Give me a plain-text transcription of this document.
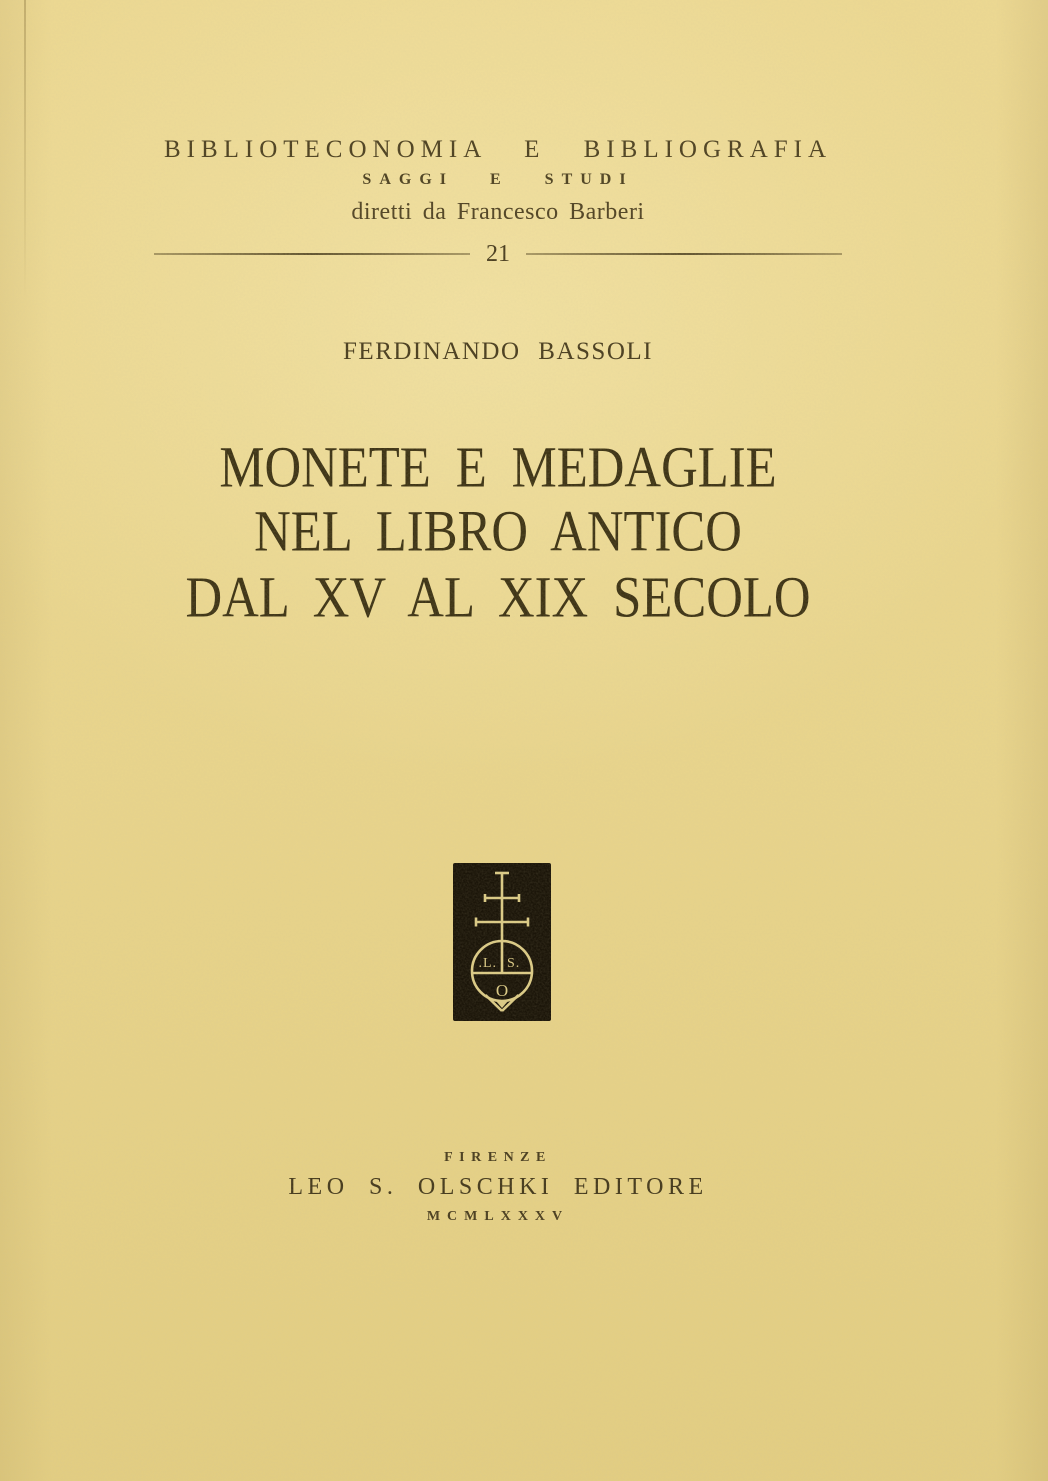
BIBLIOTECONOMIA E BIBLIOGRAFIA
SAGGI E STUDI
diretti da Francesco Barberi
21
FERDINANDO BASSOLI
MONETE E MEDAGLIE
NEL LIBRO ANTICO
DAL XV AL XIX SECOLO
.L. S.
O
FIRENZE
LEO S. OLSCHKI EDITORE
MCMLXXXV
